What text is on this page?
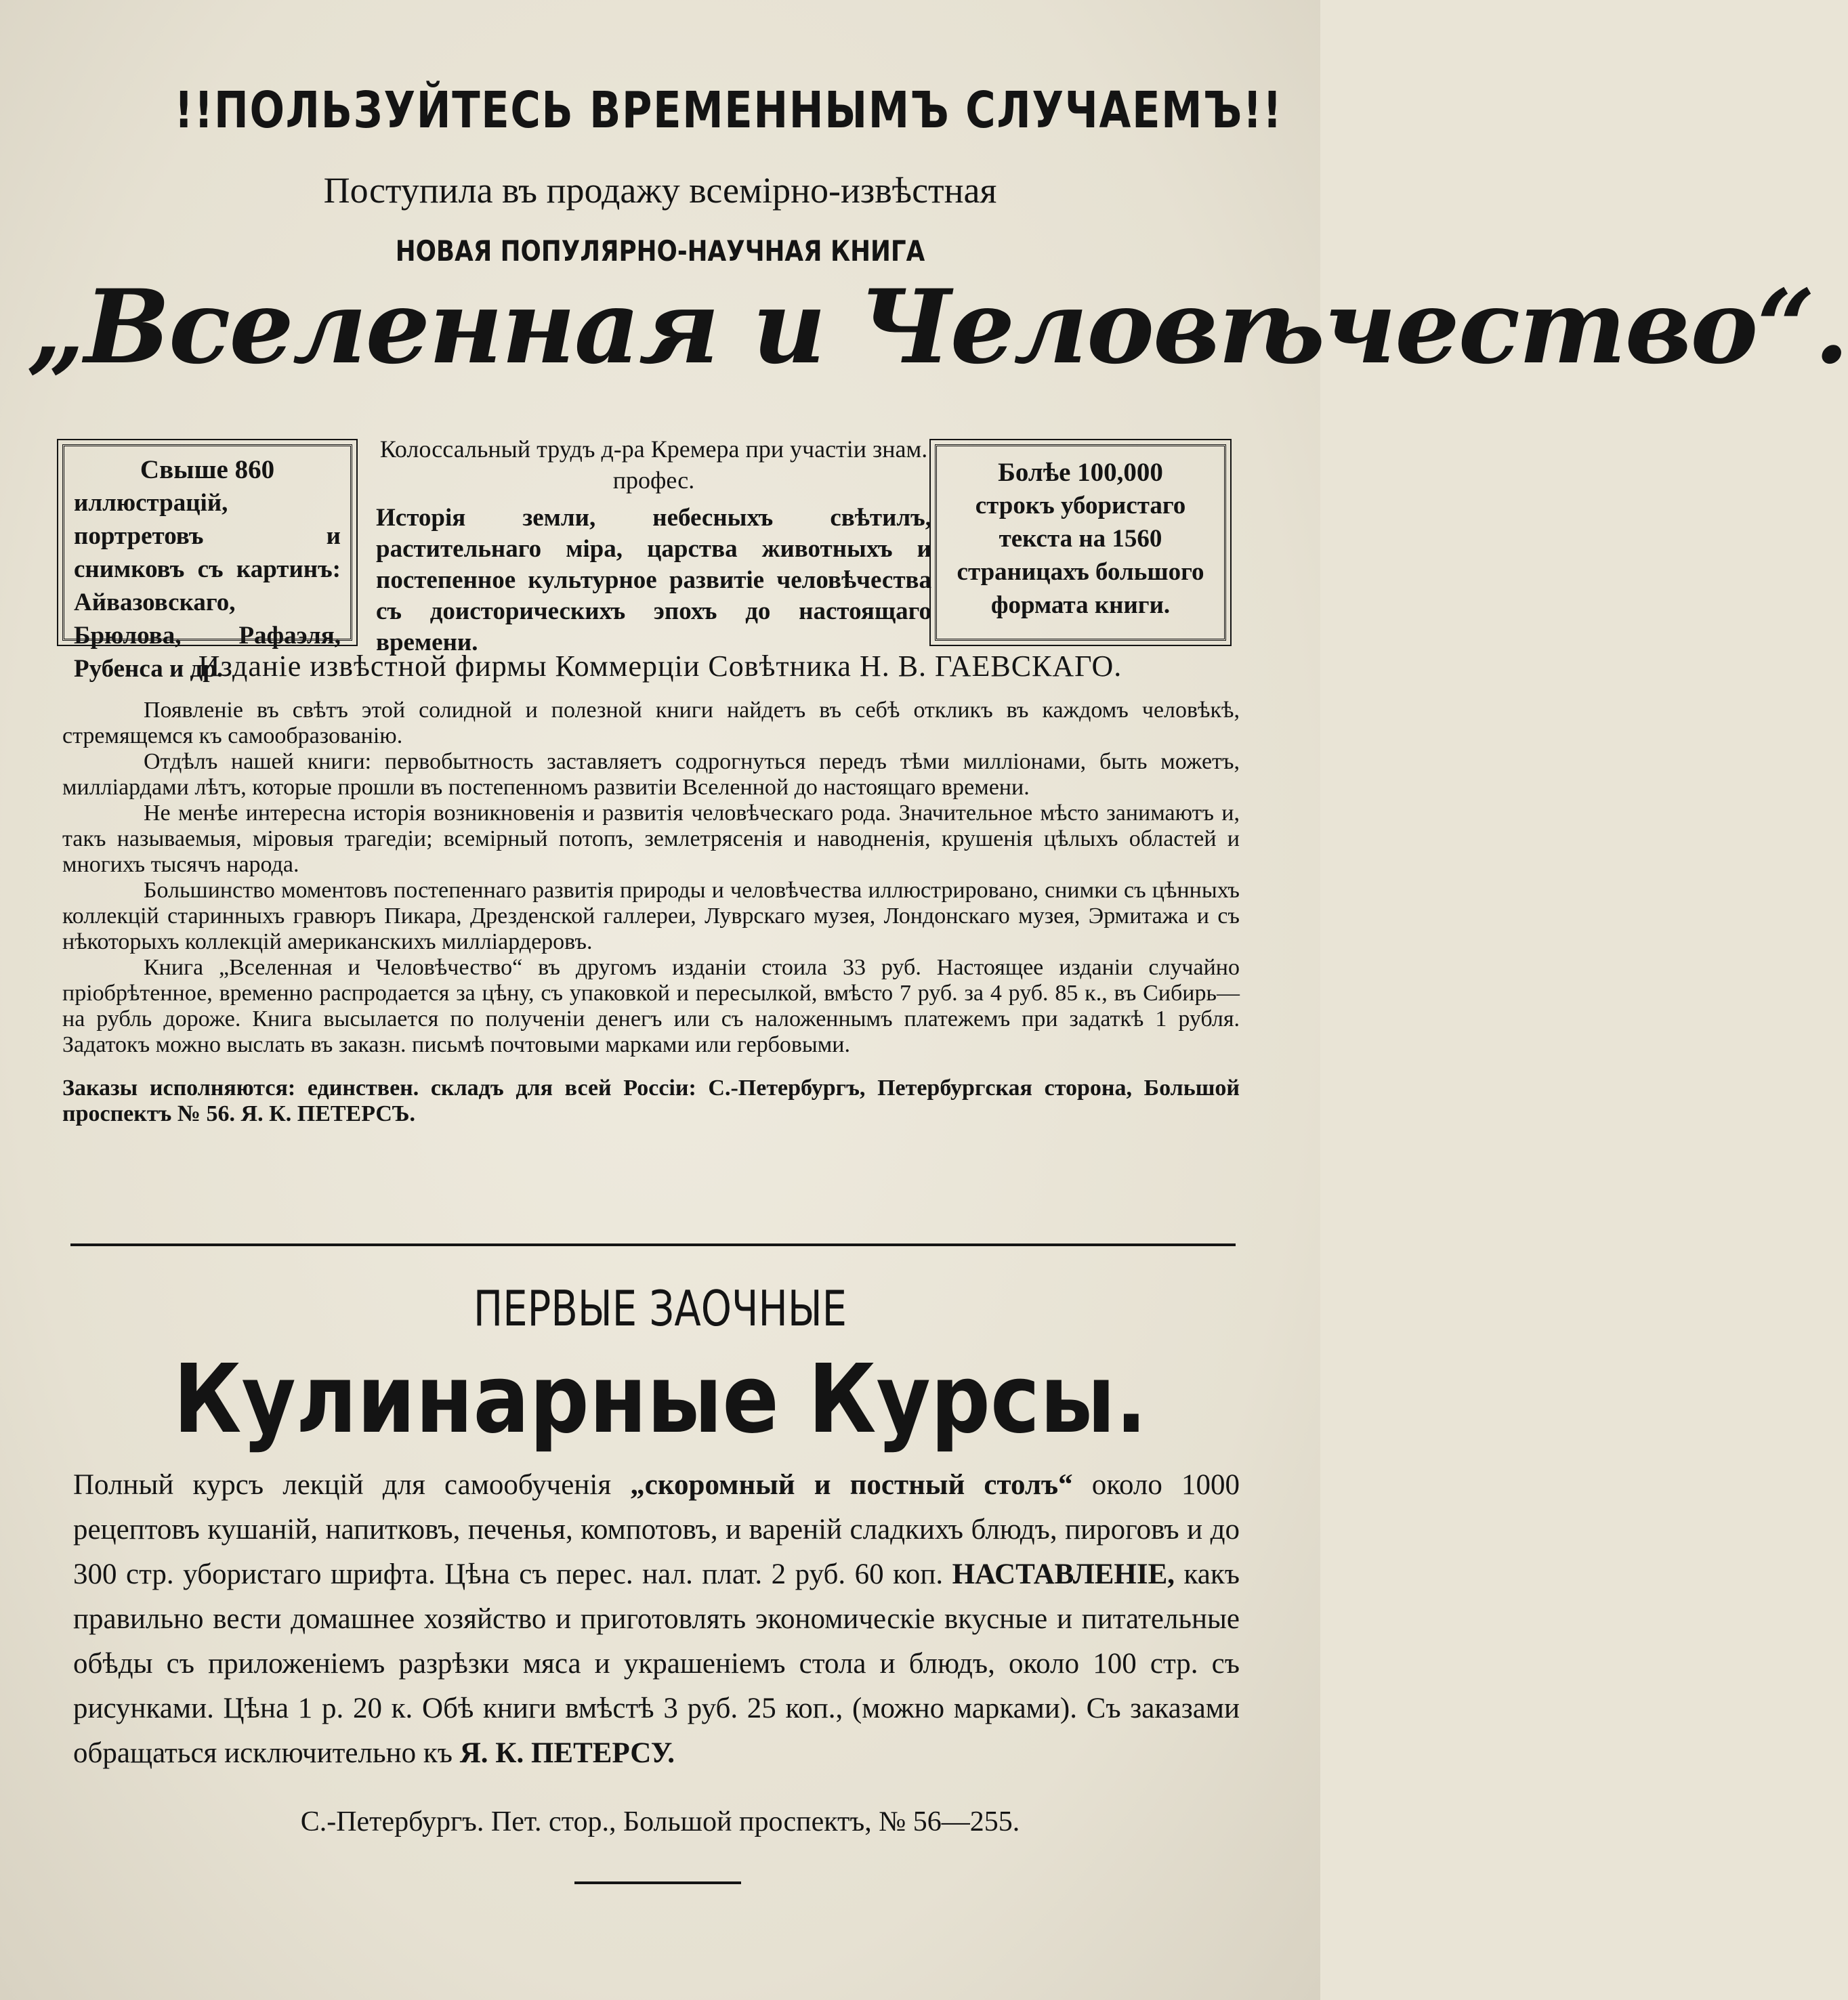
!!ПОЛЬЗУЙТЕСЬ ВРЕМЕННЫМЪ СЛУЧАЕМЪ!!
Поступила въ продажу всемірно-извѣстная
НОВАЯ ПОПУЛЯРНО-НАУЧНАЯ КНИГА
„Вселенная и Человѣчество“.
Свыше 860
иллюстрацій, портретовъ и снимковъ съ картинъ: Айвазовскаго, Брюлова, Рафаэля, Рубенса и др.
Колоссальный трудъ д-ра Кремера при участіи знам. профес.
Исторія земли, небесныхъ свѣтилъ, растительнаго міра, царства животныхъ и постепенное культурное развитіе человѣчества съ доисторическихъ эпохъ до настоящаго времени.
Болѣе 100,000
строкъ убористаго текста на 1560 страницахъ большого формата книги.
Изданіе извѣстной фирмы Коммерціи Совѣтника Н. В. ГАЕВСКАГО.

Появленіе въ свѣтъ этой солидной и полезной книги найдетъ въ себѣ откликъ въ каждомъ человѣкѣ, стремящемся къ самообразованію.

Отдѣлъ нашей книги: первобытность заставляетъ содрогнуться передъ тѣми милліонами, быть можетъ, милліардами лѣтъ, которые прошли въ постепенномъ развитіи Вселенной до настоящаго времени.

Не менѣе интересна исторія возникновенія и развитія человѣческаго рода. Значительное мѣсто занимаютъ и, такъ называемыя, міровыя трагедіи; всемірный потопъ, землетрясенія и наводненія, крушенія цѣлыхъ областей и многихъ тысячъ народа.

Большинство моментовъ постепеннаго развитія природы и человѣчества иллюстрировано, снимки съ цѣнныхъ коллекцій старинныхъ гравюръ Пикара, Дрезденской галлереи, Луврскаго музея, Лондонскаго музея, Эрмитажа и съ нѣкоторыхъ коллекцій американскихъ милліардеровъ.

Книга „Вселенная и Человѣчество“ въ другомъ изданіи стоила 33 руб. Настоящее изданіи случайно пріобрѣтенное, временно распродается за цѣну, съ упаковкой и пересылкой, вмѣсто 7 руб. за 4 руб. 85 к., въ Сибирь—на рубль дороже. Книга высылается по полученіи денегъ или съ наложеннымъ платежемъ при задаткѣ 1 рубля. Задатокъ можно выслать въ заказн. письмѣ почтовыми марками или гербовыми.

Заказы исполняются: единствен. складъ для всей Россіи: С.-Петербургъ, Петербургская сторона, Большой проспектъ № 56. Я. К. ПЕТЕРСЪ.

ПЕРВЫЕ ЗАОЧНЫЕ
Кулинарные Курсы.

Полный курсъ лекцій для самообученія „скоромный и постный столъ“ около 1000 рецептовъ кушаній, напитковъ, печенья, компотовъ, и вареній сладкихъ блюдъ, пироговъ и до 300 стр. убористаго шрифта. Цѣна съ перес. нал. плат. 2 руб. 60 коп. НАСТАВЛЕНІЕ, какъ правильно вести домашнее хозяйство и приготовлять экономическіе вкусные и питательные обѣды съ приложеніемъ разрѣзки мяса и украшеніемъ стола и блюдъ, около 100 стр. съ рисунками. Цѣна 1 р. 20 к. Обѣ книги вмѣстѣ 3 руб. 25 коп., (можно марками). Съ заказами обращаться исключительно къ Я. К. ПЕТЕРСУ.

С.-Петербургъ. Пет. стор., Большой проспектъ, № 56—255.
